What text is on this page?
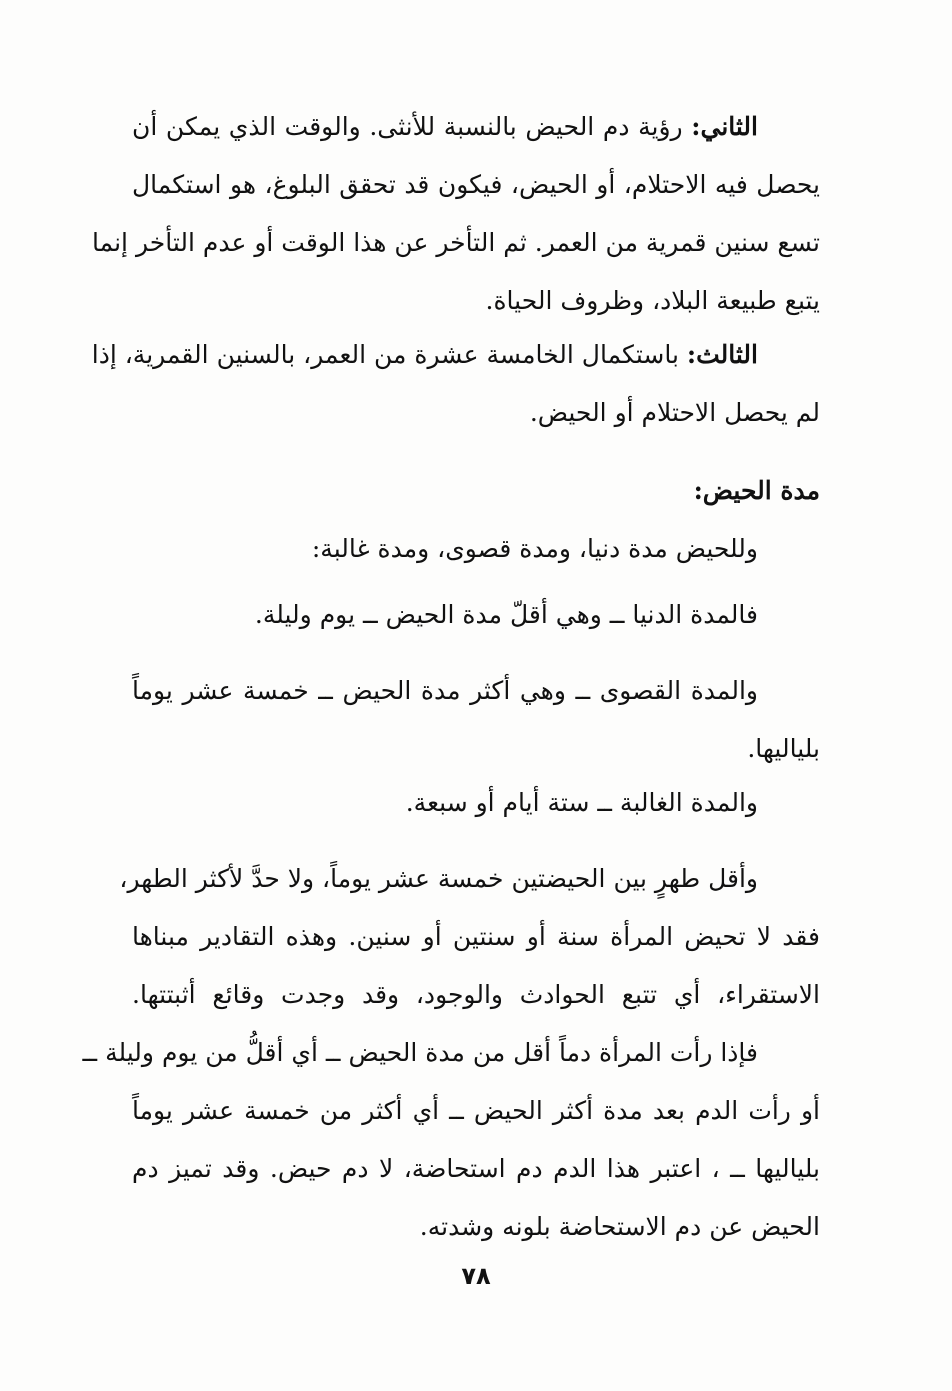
الثاني: رؤية دم الحيض بالنسبة للأنثى. والوقت الذي يمكن أن
يحصل فيه الاحتلام، أو الحيض، فيكون قد تحقق البلوغ، هو استكمال
تسع سنين قمرية من العمر. ثم التأخر عن هذا الوقت أو عدم التأخر إنما
يتبع طبيعة البلاد، وظروف الحياة.
الثالث: باستكمال الخامسة عشرة من العمر، بالسنين القمرية، إذا
لم يحصل الاحتلام أو الحيض.
مدة الحيض:
وللحيض مدة دنيا، ومدة قصوى، ومدة غالبة:
فالمدة الدنيا ــ وهي أقلّ مدة الحيض ــ يوم وليلة.
والمدة القصوى ــ وهي أكثر مدة الحيض ــ خمسة عشر يوماً
بلياليها.
والمدة الغالبة ــ ستة أيام أو سبعة.
وأقل طهرٍ بين الحيضتين خمسة عشر يوماً، ولا حدَّ لأكثر الطهر،
فقد لا تحيض المرأة سنة أو سنتين أو سنين. وهذه التقادير مبناها
الاستقراء، أي تتبع الحوادث والوجود، وقد وجدت وقائع أثبتتها.
فإذا رأت المرأة دماً أقل من مدة الحيض ــ أي أقلُّ من يوم وليلة ــ
أو رأت الدم بعد مدة أكثر الحيض ــ أي أكثر من خمسة عشر يوماً
بلياليها ــ ، اعتبر هذا الدم دم استحاضة، لا دم حيض. وقد تميز دم
الحيض عن دم الاستحاضة بلونه وشدته.
٧٨
